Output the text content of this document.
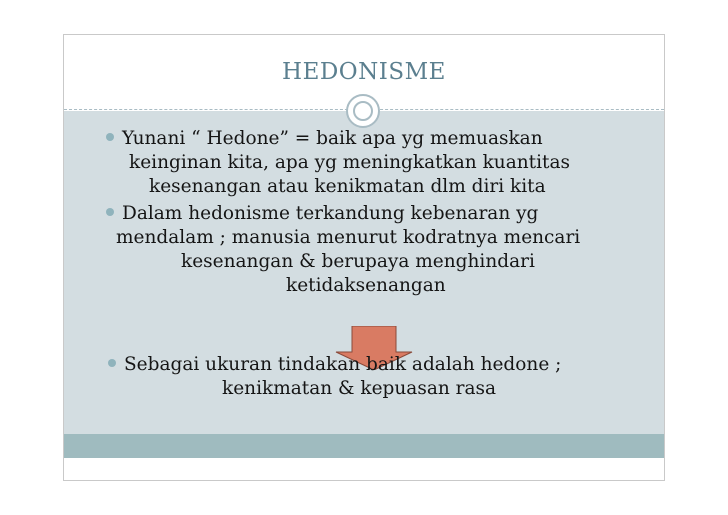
HEDONISME
Yunani “ Hedone” = baik apa yg memuaskan
keinginan kita, apa yg meningkatkan kuantitas
kesenangan atau kenikmatan dlm diri kita
Dalam hedonisme terkandung kebenaran yg
mendalam ; manusia menurut kodratnya mencari
kesenangan & berupaya menghindari
ketidaksenangan
Sebagai ukuran tindakan baik adalah hedone ;
kenikmatan & kepuasan rasa
